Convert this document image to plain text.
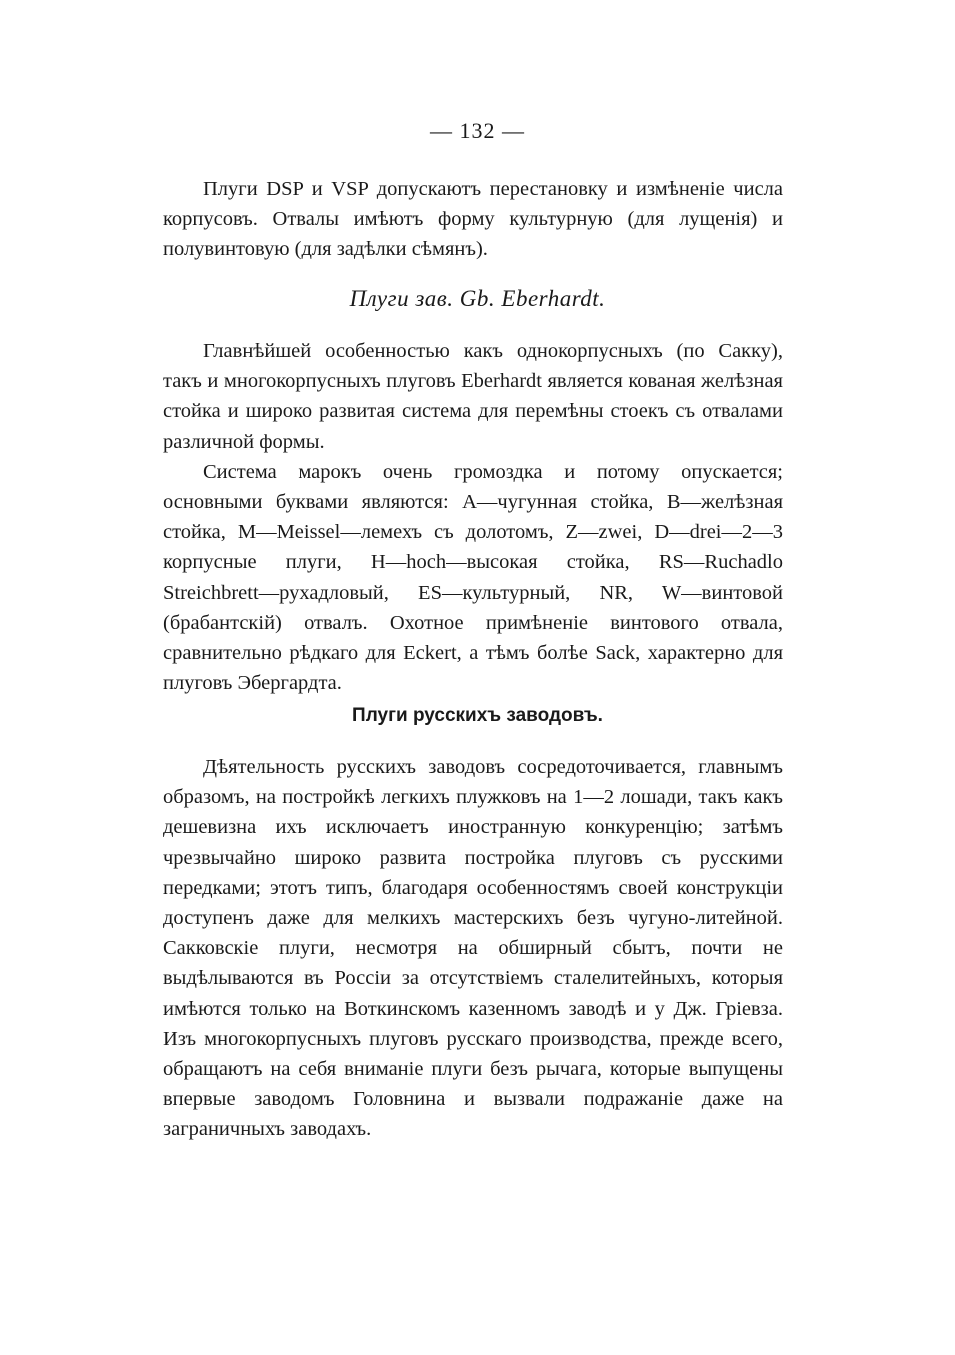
— 132 —

Плуги DSP и VSP допускаютъ перестановку и измѣненіе числа корпусовъ. Отвалы имѣютъ форму культурную (для лущенія) и полувинтовую (для задѣлки сѣмянъ).

Плуги зав. Gb. Eberhardt.

Главнѣйшей особенностью какъ однокорпусныхъ (по Сакку), такъ и многокорпусныхъ плуговъ Eberhardt является кованая желѣзная стойка и широко развитая система для перемѣны стоекъ съ отвалами различной формы.

Система марокъ очень громоздка и потому опускается; основными буквами являются: А—чугунная стойка, В—желѣзная стойка, М—Meissel—лемехъ съ долотомъ, Z—zwei, D—drei—2—3 корпусные плуги, Н—hoch—высокая стойка, RS—Ruchadlo Streichbrett—рухадловый, ES—культурный, NR, W—винтовой (брабантскій) отвалъ. Охотное примѣненіе винтового отвала, сравнительно рѣдкаго для Eckert, а тѣмъ болѣе Sack, характерно для плуговъ Эбергардта.

Плуги русскихъ заводовъ.

Дѣятельность русскихъ заводовъ сосредоточивается, главнымъ образомъ, на постройкѣ легкихъ плужковъ на 1—2 лошади, такъ какъ дешевизна ихъ исключаетъ иностранную конкуренцію; затѣмъ чрезвычайно широко развита постройка плуговъ съ русскими передками; этотъ типъ, благодаря особенностямъ своей конструкціи доступенъ даже для мелкихъ мастерскихъ безъ чугуно-литейной. Сакковскіе плуги, несмотря на обширный сбытъ, почти не выдѣлываются въ Россіи за отсутствіемъ сталелитейныхъ, которыя имѣются только на Воткинскомъ казенномъ заводѣ и у Дж. Гріевза. Изъ многокорпусныхъ плуговъ русскаго производства, прежде всего, обращаютъ на себя вниманіе плуги безъ рычага, которые выпущены впервые заводомъ Головнина и вызвали подражаніе даже на заграничныхъ заводахъ.
